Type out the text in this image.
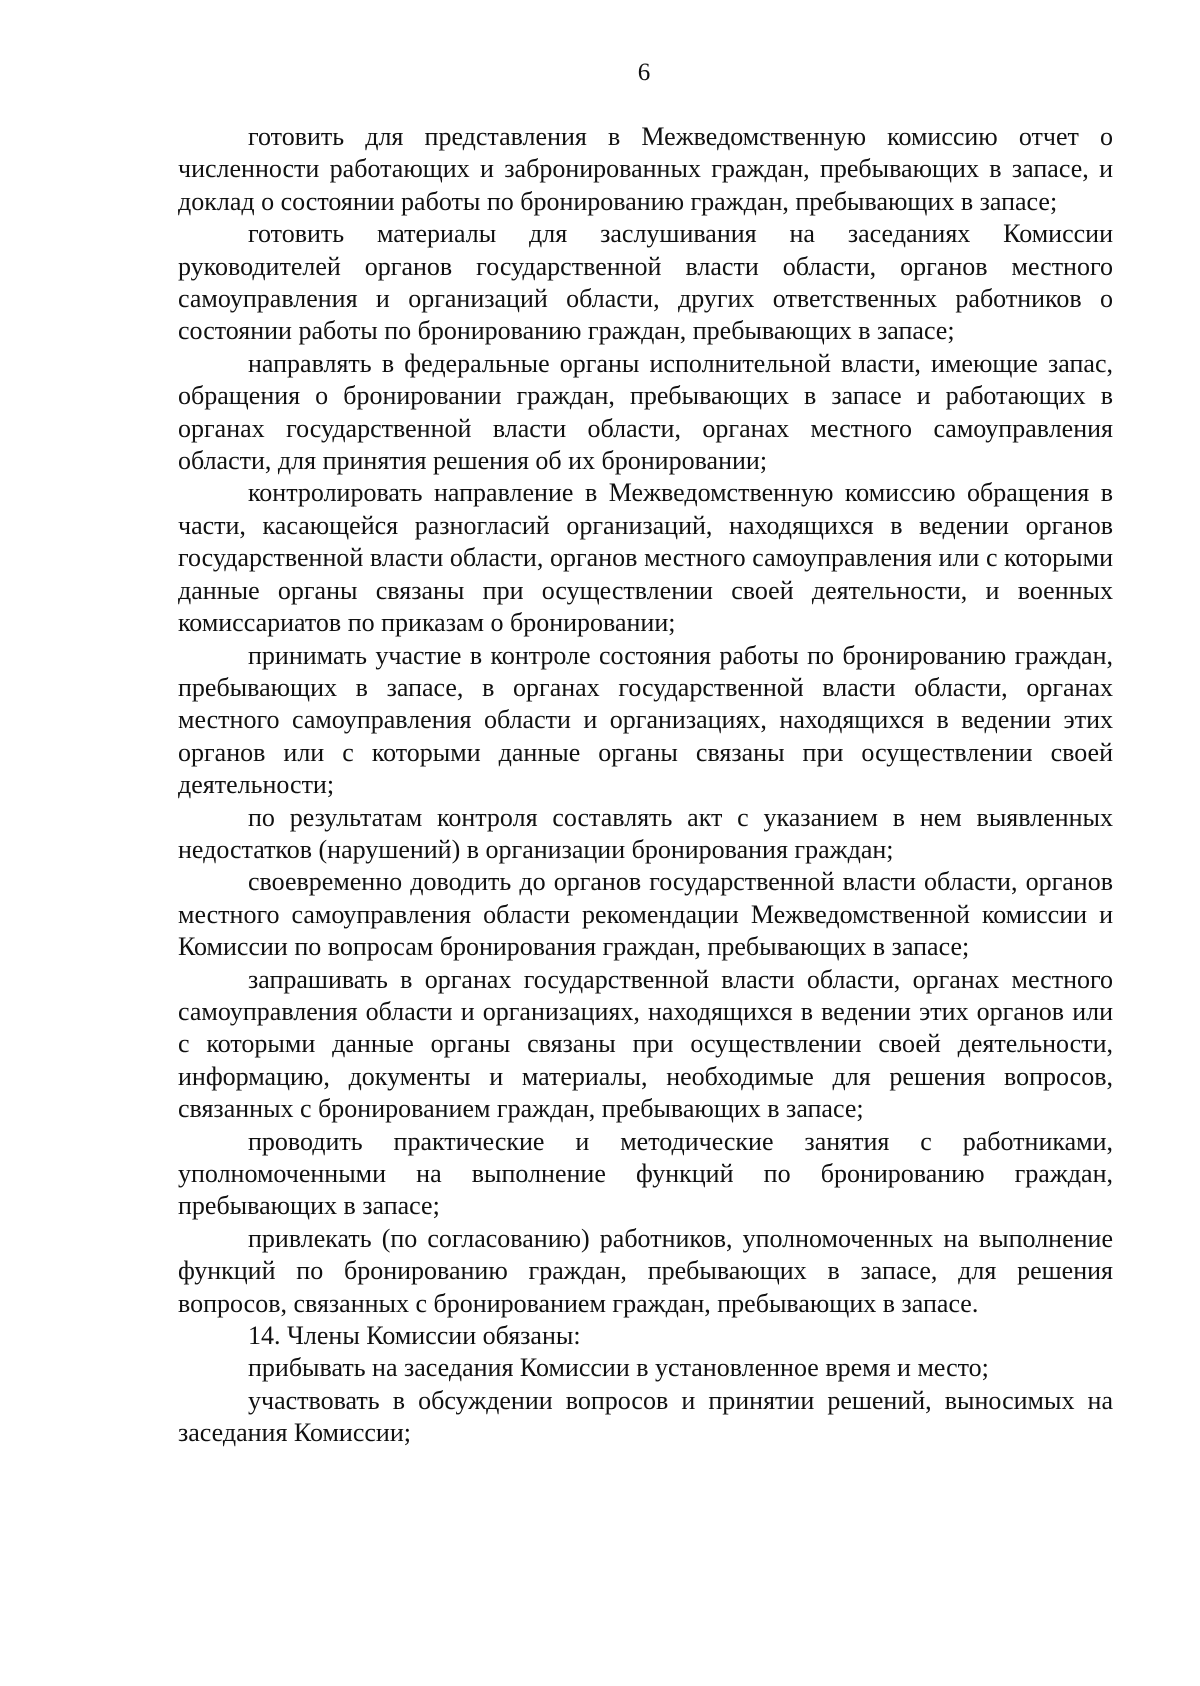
6

готовить для представления в Межведомственную комиссию отчет о численности работающих и забронированных граждан, пребывающих в запасе, и доклад о состоянии работы по бронированию граждан, пребывающих в запасе;

готовить материалы для заслушивания на заседаниях Комиссии руководителей органов государственной власти области, органов местного самоуправления и организаций области, других ответственных работников о состоянии работы по бронированию граждан, пребывающих в запасе;

направлять в федеральные органы исполнительной власти, имеющие запас, обращения о бронировании граждан, пребывающих в запасе и работающих в органах государственной власти области, органах местного самоуправления области, для принятия решения об их бронировании;

контролировать направление в Межведомственную комиссию обращения в части, касающейся разногласий организаций, находящихся в ведении органов государственной власти области, органов местного самоуправления или с которыми данные органы связаны при осуществлении своей деятельности, и военных комиссариатов по приказам о бронировании;

принимать участие в контроле состояния работы по бронированию граждан, пребывающих в запасе, в органах государственной власти области, органах местного самоуправления области и организациях, находящихся в ведении этих органов или с которыми данные органы связаны при осуществлении своей деятельности;

по результатам контроля составлять акт с указанием в нем выявленных недостатков (нарушений) в организации бронирования граждан;

своевременно доводить до органов государственной власти области, органов местного самоуправления области рекомендации Межведомственной комиссии и Комиссии по вопросам бронирования граждан, пребывающих в запасе;

запрашивать в органах государственной власти области, органах местного самоуправления области и организациях, находящихся в ведении этих органов или с которыми данные органы связаны при осуществлении своей деятельности, информацию, документы и материалы, необходимые для решения вопросов, связанных с бронированием граждан, пребывающих в запасе;

проводить практические и методические занятия с работниками, уполномоченными на выполнение функций по бронированию граждан, пребывающих в запасе;

привлекать (по согласованию) работников, уполномоченных на выполнение функций по бронированию граждан, пребывающих в запасе, для решения вопросов, связанных с бронированием граждан, пребывающих в запасе.

14. Члены Комиссии обязаны:

прибывать на заседания Комиссии в установленное время и место;

участвовать в обсуждении вопросов и принятии решений, выносимых на заседания Комиссии;
